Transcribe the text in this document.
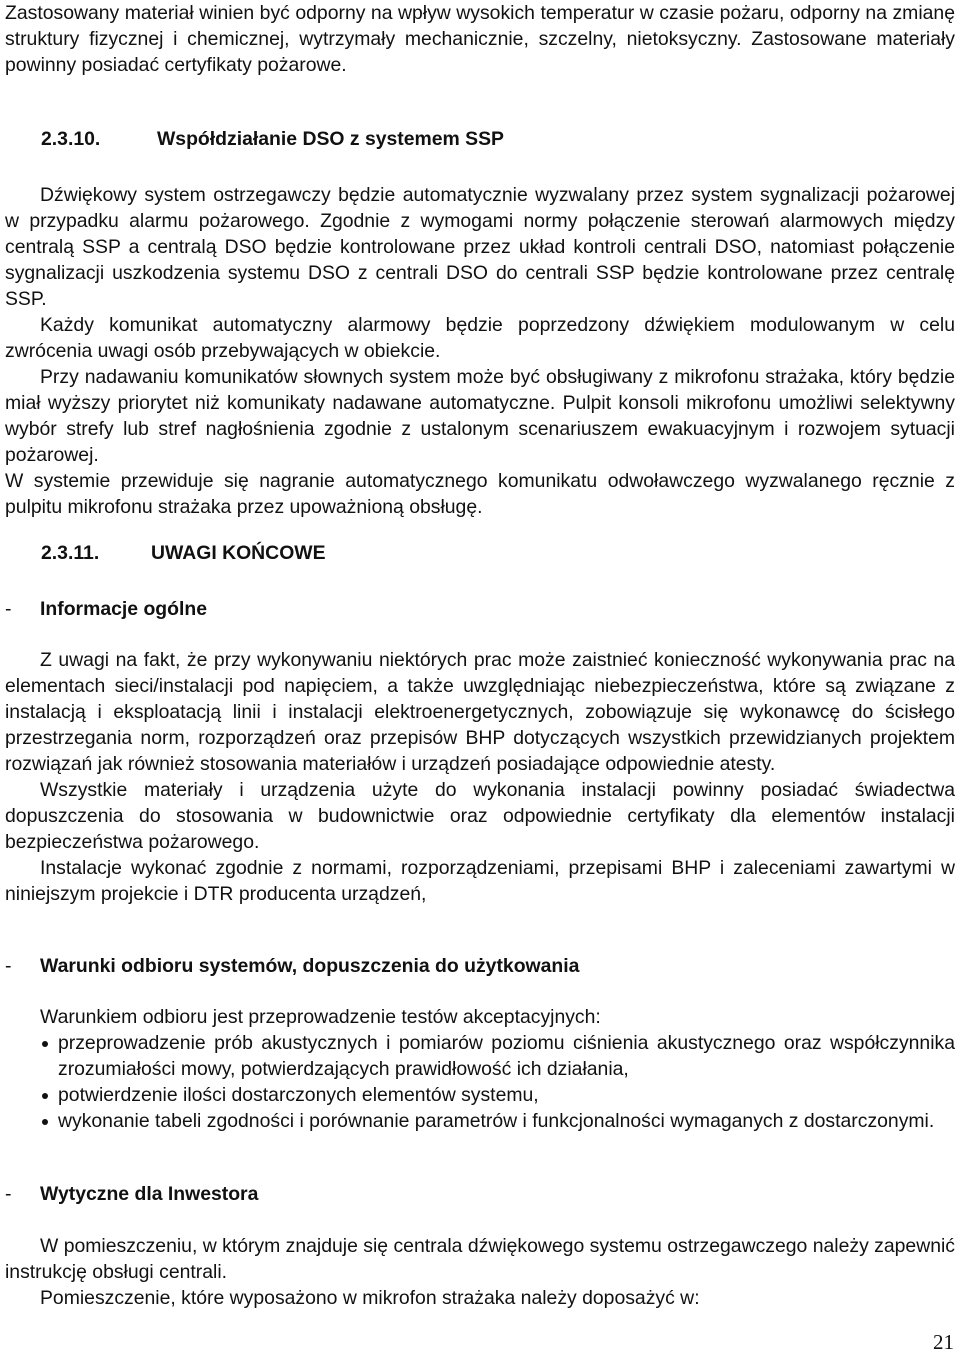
Zastosowany materiał winien być odporny na wpływ wysokich temperatur w czasie pożaru, odporny na zmianę struktury fizycznej i chemicznej, wytrzymały mechanicznie, szczelny, nietoksyczny. Zastosowane materiały powinny posiadać certyfikaty pożarowe.

2.3.10.	Współdziałanie DSO z systemem SSP

Dźwiękowy system ostrzegawczy będzie automatycznie wyzwalany przez system sygnalizacji pożarowej w przypadku alarmu pożarowego. Zgodnie z wymogami normy połączenie sterowań alarmowych między centralą SSP a centralą DSO będzie kontrolowane przez układ kontroli centrali DSO, natomiast połączenie sygnalizacji uszkodzenia systemu DSO z centrali DSO do centrali SSP będzie kontrolowane przez centralę SSP.

Każdy komunikat automatyczny alarmowy będzie poprzedzony dźwiękiem modulowanym w celu zwrócenia uwagi osób przebywających w obiekcie.

Przy nadawaniu komunikatów słownych system może być obsługiwany z mikrofonu strażaka, który będzie miał wyższy priorytet niż komunikaty nadawane automatyczne. Pulpit konsoli mikrofonu umożliwi selektywny wybór strefy lub stref nagłośnienia zgodnie z ustalonym scenariuszem ewakuacyjnym i rozwojem sytuacji pożarowej.

W systemie przewiduje się nagranie automatycznego komunikatu odwoławczego wyzwalanego ręcznie z pulpitu mikrofonu strażaka przez upoważnioną obsługę.

2.3.11.	UWAGI KOŃCOWE
- Informacje ogólne

Z uwagi na fakt, że przy wykonywaniu niektórych prac może zaistnieć konieczność wykonywania prac na elementach sieci/instalacji pod napięciem, a także uwzględniając niebezpieczeństwa, które są związane z instalacją i eksploatacją linii i instalacji elektroenergetycznych, zobowiązuje się wykonawcę do ścisłego przestrzegania norm, rozporządzeń oraz przepisów BHP dotyczących wszystkich przewidzianych projektem rozwiązań jak również stosowania materiałów i urządzeń posiadające odpowiednie atesty.

Wszystkie materiały i urządzenia użyte do wykonania instalacji powinny posiadać świadectwa dopuszczenia do stosowania w budownictwie oraz odpowiednie certyfikaty dla elementów instalacji bezpieczeństwa pożarowego.

Instalacje wykonać zgodnie z normami, rozporządzeniami, przepisami BHP i zaleceniami zawartymi w niniejszym projekcie i DTR producenta urządzeń,

- Warunki odbioru systemów, dopuszczenia do użytkowania

Warunkiem odbioru jest przeprowadzenie testów akceptacyjnych:

przeprowadzenie prób akustycznych i pomiarów poziomu ciśnienia akustycznego oraz współczynnika zrozumiałości mowy, potwierdzających prawidłowość ich działania,
potwierdzenie ilości dostarczonych elementów systemu,
wykonanie tabeli zgodności i porównanie parametrów i funkcjonalności wymaganych z dostarczonymi.
- Wytyczne dla Inwestora

W pomieszczeniu, w którym znajduje się centrala dźwiękowego systemu ostrzegawczego należy zapewnić instrukcję obsługi centrali.

Pomieszczenie, które wyposażono w mikrofon strażaka należy doposażyć w:

21
